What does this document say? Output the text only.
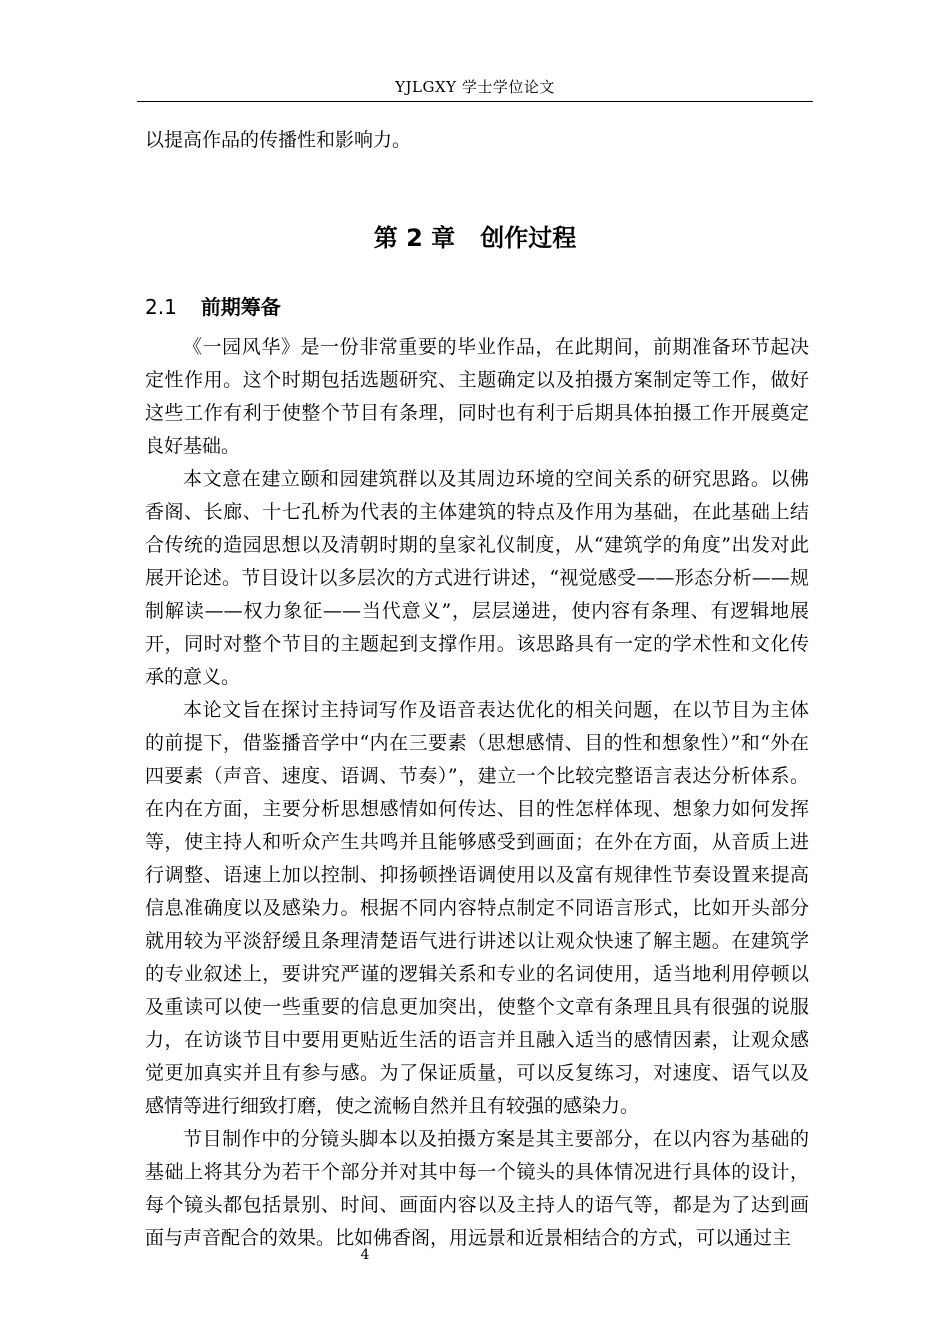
YJLGXY 学士学位论文

以提高作品的传播性和影响力。

第 2 章 创作过程
2.1 前期筹备

《一园风华》是一份非常重要的毕业作品，在此期间，前期准备环节起决定性作用。这个时期包括选题研究、主题确定以及拍摄方案制定等工作，做好这些工作有利于使整个节目有条理，同时也有利于后期具体拍摄工作开展奠定良好基础。

本文意在建立颐和园建筑群以及其周边环境的空间关系的研究思路。以佛香阁、长廊、十七孔桥为代表的主体建筑的特点及作用为基础，在此基础上结合传统的造园思想以及清朝时期的皇家礼仪制度，从“建筑学的角度”出发对此展开论述。节目设计以多层次的方式进行讲述，“视觉感受——形态分析——规制解读——权力象征——当代意义”，层层递进，使内容有条理、有逻辑地展开，同时对整个节目的主题起到支撑作用。该思路具有一定的学术性和文化传承的意义。

本论文旨在探讨主持词写作及语音表达优化的相关问题，在以节目为主体的前提下，借鉴播音学中“内在三要素（思想感情、目的性和想象性）”和“外在四要素（声音、速度、语调、节奏）”，建立一个比较完整语言表达分析体系。在内在方面，主要分析思想感情如何传达、目的性怎样体现、想象力如何发挥等，使主持人和听众产生共鸣并且能够感受到画面；在外在方面，从音质上进行调整、语速上加以控制、抑扬顿挫语调使用以及富有规律性节奏设置来提高信息准确度以及感染力。根据不同内容特点制定不同语言形式，比如开头部分就用较为平淡舒缓且条理清楚语气进行讲述以让观众快速了解主题。在建筑学的专业叙述上，要讲究严谨的逻辑关系和专业的名词使用，适当地利用停顿以及重读可以使一些重要的信息更加突出，使整个文章有条理且具有很强的说服力，在访谈节目中要用更贴近生活的语言并且融入适当的感情因素，让观众感觉更加真实并且有参与感。为了保证质量，可以反复练习，对速度、语气以及感情等进行细致打磨，使之流畅自然并且有较强的感染力。

节目制作中的分镜头脚本以及拍摄方案是其主要部分，在以内容为基础的基础上将其分为若干个部分并对其中每一个镜头的具体情况进行具体的设计，每个镜头都包括景别、时间、画面内容以及主持人的语气等，都是为了达到画面与声音配合的效果。比如佛香阁，用远景和近景相结合的方式，可以通过主

4
